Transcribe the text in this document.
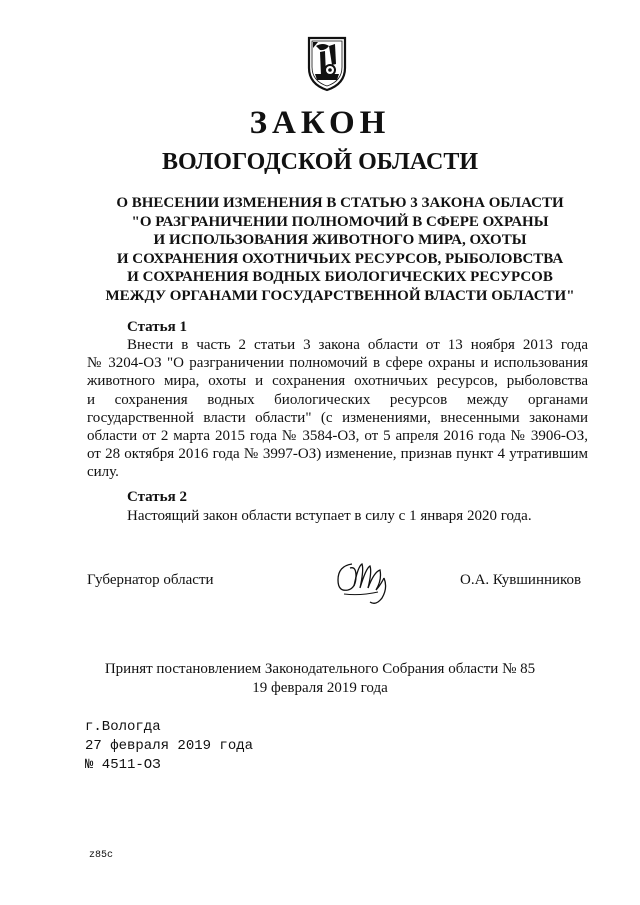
ЗАКОН
ВОЛОГОДСКОЙ ОБЛАСТИ
О ВНЕСЕНИИ ИЗМЕНЕНИЯ В СТАТЬЮ 3 ЗАКОНА ОБЛАСТИ
"О РАЗГРАНИЧЕНИИ ПОЛНОМОЧИЙ В СФЕРЕ ОХРАНЫ
И ИСПОЛЬЗОВАНИЯ ЖИВОТНОГО МИРА, ОХОТЫ
И СОХРАНЕНИЯ ОХОТНИЧЬИХ РЕСУРСОВ, РЫБОЛОВСТВА
И СОХРАНЕНИЯ ВОДНЫХ БИОЛОГИЧЕСКИХ РЕСУРСОВ
МЕЖДУ ОРГАНАМИ ГОСУДАРСТВЕННОЙ ВЛАСТИ ОБЛАСТИ"
Статья 1
Внести в часть 2 статьи 3 закона области от 13 ноября 2013 года
№ 3204-ОЗ "О разграничении полномочий в сфере охраны и использования
животного мира, охоты и сохранения охотничьих ресурсов, рыболовства
и сохранения водных биологических ресурсов между органами
государственной власти области" (с изменениями, внесенными законами
области от 2 марта 2015 года № 3584-ОЗ, от 5 апреля 2016 года № 3906-ОЗ,
от 28 октября 2016 года № 3997-ОЗ) изменение, признав пункт 4 утратившим
силу.
Статья 2
Настоящий закон области вступает в силу с 1 января 2020 года.
Губернатор области	О.А. Кувшинников
Принят постановлением Законодательного Собрания области № 85
19 февраля 2019 года
г.Вологда
27 февраля 2019 года
№ 4511-ОЗ
z85c
